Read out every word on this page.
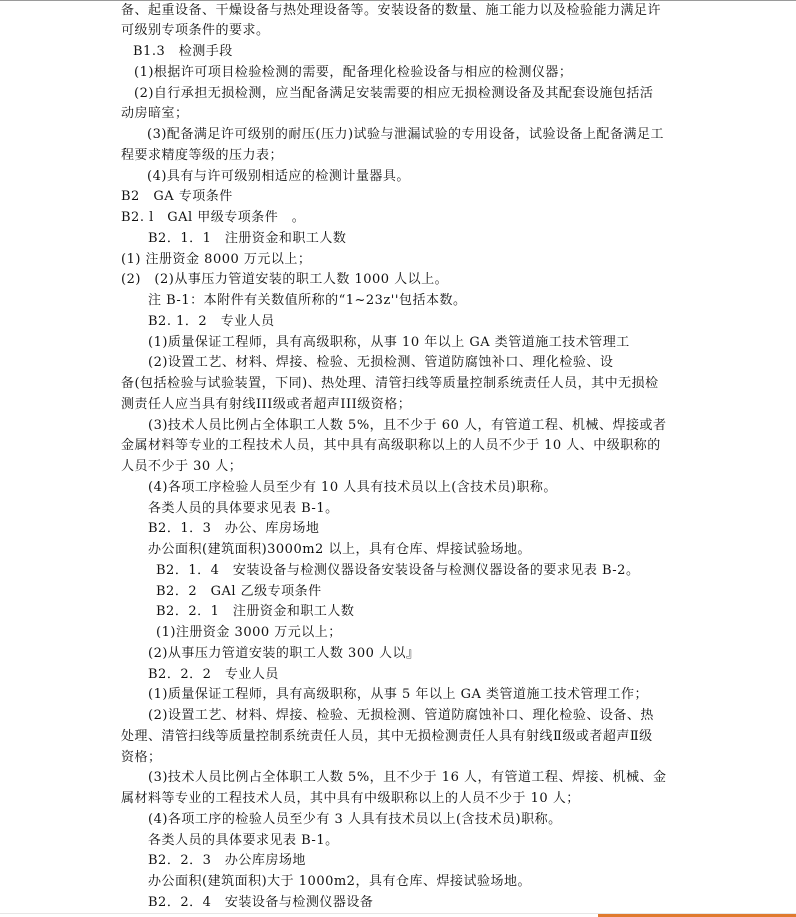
备、起重设备、干燥设备与热处理设备等。安装设备的数量、施工能力以及检验能力满足许
可级别专项条件的要求。
B1.3　检测手段
(1)根据许可项目检验检测的需要，配备理化检验设备与相应的检测仪器；
(2)自行承担无损检测，应当配备满足安装需要的相应无损检测设备及其配套设施包括活
动房暗室；
(3)配备满足许可级别的耐压(压力)试验与泄漏试验的专用设备，试验设备上配备满足工
程要求精度等级的压力表；
(4)具有与许可级别相适应的检测计量器具。
B2　GA 专项条件
B2. l　GAl 甲级专项条件　。
B2．1．1　注册资金和职工人数
(1) 注册资金 8000 万元以上；
(2)　(2)从事压力管道安装的职工人数 1000 人以上。
注 B-1：本附件有关数值所称的“1~23z''包括本数。
B2. 1．2　专业人员
(1)质量保证工程师，具有高级职称，从事 10 年以上 GA 类管道施工技术管理工
(2)设置工艺、材料、焊接、检验、无损检测、管道防腐蚀补口、理化检验、设
备(包括检验与试验装置，下同)、热处理、清管扫线等质量控制系统责任人员，其中无损检
测责任人应当具有射线III级或者超声III级资格；
(3)技术人员比例占全体职工人数 5%，且不少于 60 人，有管道工程、机械、焊接或者
金属材料等专业的工程技术人员，其中具有高级职称以上的人员不少于 10 人、中级职称的
人员不少于 30 人；
(4)各项工序检验人员至少有 10 人具有技术员以上(含技术员)职称。
各类人员的具体要求见表 B-1。
B2．1．3　办公、库房场地
办公面积(建筑面积)3000m2 以上，具有仓库、焊接试验场地。
B2．1．4　安装设备与检测仪器设备安装设备与检测仪器设备的要求见表 B-2。
B2．2　GAl 乙级专项条件
B2．2．1　注册资金和职工人数
(1)注册资金 3000 万元以上；
(2)从事压力管道安装的职工人数 300 人以』
B2．2．2　专业人员
(1)质量保证工程师，具有高级职称，从事 5 年以上 GA 类管道施工技术管理工作；
(2)设置工艺、材料、焊接、检验、无损检测、管道防腐蚀补口、理化检验、设备、热
处理、清管扫线等质量控制系统责任人员，其中无损检测责任人具有射线Ⅱ级或者超声Ⅱ级
资格；
(3)技术人员比例占全体职工人数 5%，且不少于 16 人，有管道工程、焊接、机械、金
属材料等专业的工程技术人员，其中具有中级职称以上的人员不少于 10 人；
(4)各项工序的检验人员至少有 3 人具有技术员以上(含技术员)职称。
各类人员的具体要求见表 B-1。
B2．2．3　办公库房场地
办公面积(建筑面积)大于 1000m2，具有仓库、焊接试验场地。
B2．2．4　安装设备与检测仪器设备
